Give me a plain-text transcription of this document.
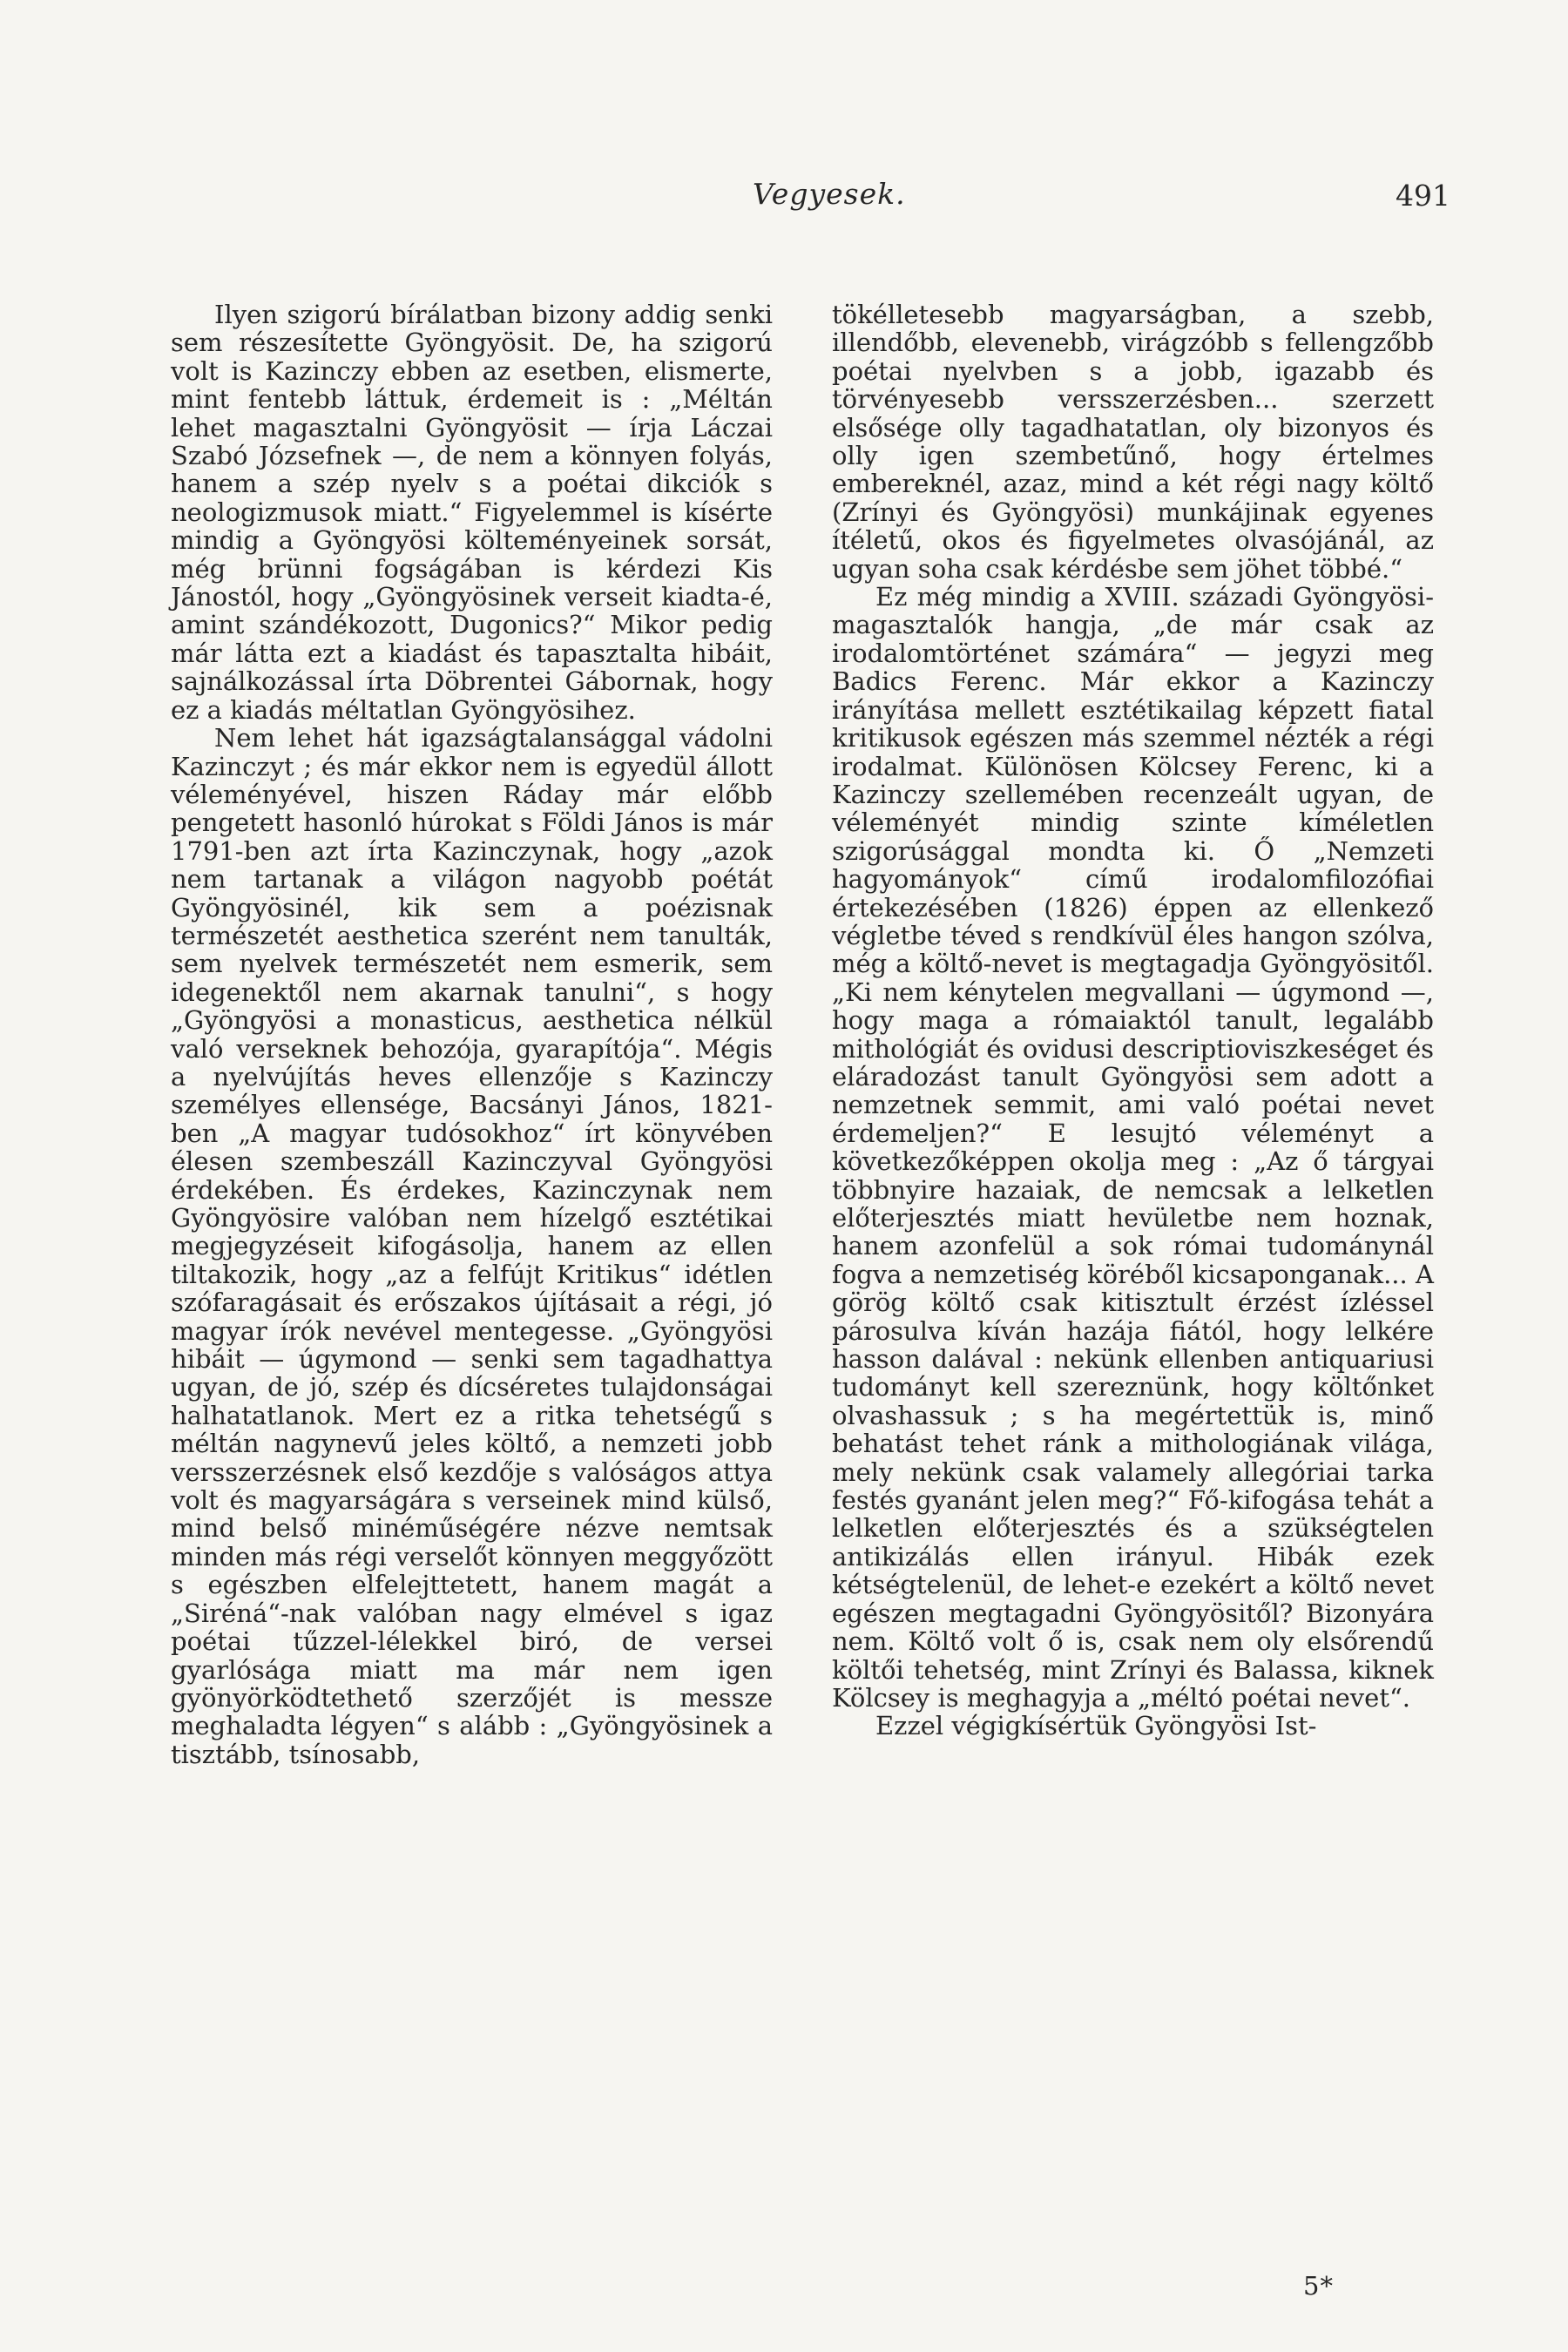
Vegyesek.	491

Ilyen szigorú bírálatban bizony addig senki sem részesítette Gyöngyösit. De, ha szigorú volt is Kazinczy ebben az esetben, elismerte, mint fentebb láttuk, érdemeit is : „Méltán lehet magasztalni Gyöngyösit — írja Láczai Szabó Józsefnek —, de nem a könnyen folyás, hanem a szép nyelv s a poétai dikciók s neologizmusok miatt.“ Figyelemmel is kísérte mindig a Gyöngyösi költeményeinek sorsát, még brünni fogságában is kérdezi Kis Jánostól, hogy „Gyöngyösinek verseit kiadta-é, amint szándékozott, Dugonics?“ Mikor pedig már látta ezt a kiadást és tapasztalta hibáit, sajnálkozással írta Döbrentei Gábornak, hogy ez a kiadás méltatlan Gyöngyösihez.

Nem lehet hát igazságtalansággal vádolni Kazinczyt ; és már ekkor nem is egyedül állott véleményével, hiszen Ráday már előbb pengetett hasonló húrokat s Földi János is már 1791-ben azt írta Kazinczynak, hogy „azok nem tartanak a világon nagyobb poétát Gyöngyösinél, kik sem a poézisnak természetét aesthetica szerént nem tanulták, sem nyelvek természetét nem esmerik, sem idegenektől nem akarnak tanulni“, s hogy „Gyöngyösi a monasticus, aesthetica nélkül való verseknek behozója, gyarapítója“. Mégis a nyelvújítás heves ellenzője s Kazinczy személyes ellensége, Bacsányi János, 1821-ben „A magyar tudósokhoz“ írt könyvében élesen szembeszáll Kazinczyval Gyöngyösi érdekében. És érdekes, Kazinczynak nem Gyöngyösire valóban nem hízelgő esztétikai megjegyzéseit kifogásolja, hanem az ellen tiltakozik, hogy „az a felfújt Kritikus“ idétlen szófaragásait és erőszakos újításait a régi, jó magyar írók nevével mentegesse. „Gyöngyösi hibáit — úgymond — senki sem tagadhattya ugyan, de jó, szép és dícséretes tulajdonságai halhatatlanok. Mert ez a ritka tehetségű s méltán nagynevű jeles költő, a nemzeti jobb versszerzésnek első kezdője s valóságos attya volt és magyarságára s verseinek mind külső, mind belső minéműségére nézve nemtsak minden más régi verselőt könnyen meggyőzött s egészben elfelejttetett, hanem magát a „Siréná“-nak valóban nagy elmével s igaz poétai tűzzel-lélekkel biró, de versei gyarlósága miatt ma már nem igen gyönyörködtethető szerzőjét is messze meghaladta légyen“ s alább : „Gyöngyösinek a tisztább, tsínosabb,

tökélletesebb magyarságban, a szebb, illendőbb, elevenebb, virágzóbb s fellengzőbb poétai nyelvben s a jobb, igazabb és törvényesebb versszerzésben... szerzett elsősége olly tagadhatatlan, oly bizonyos és olly igen szembetűnő, hogy értelmes embereknél, azaz, mind a két régi nagy költő (Zrínyi és Gyöngyösi) munkájinak egyenes ítéletű, okos és figyelmetes olvasójánál, az ugyan soha csak kérdésbe sem jöhet többé.“

Ez még mindig a XVIII. századi Gyöngyösi-magasztalók hangja, „de már csak az irodalomtörténet számára“ — jegyzi meg Badics Ferenc. Már ekkor a Kazinczy irányítása mellett esztétikailag képzett fiatal kritikusok egészen más szemmel nézték a régi irodalmat. Különösen Kölcsey Ferenc, ki a Kazinczy szellemében recenzeált ugyan, de véleményét mindig szinte kíméletlen szigorúsággal mondta ki. Ő „Nemzeti hagyományok“ című irodalomfilozófiai értekezésében (1826) éppen az ellenkező végletbe téved s rendkívül éles hangon szólva, még a költő-nevet is megtagadja Gyöngyösitől. „Ki nem kénytelen megvallani — úgymond —, hogy maga a rómaiaktól tanult, legalább mithológiát és ovidusi descriptioviszkeséget és eláradozást tanult Gyöngyösi sem adott a nemzetnek semmit, ami való poétai nevet érdemeljen?“ E lesujtó véleményt a következőképpen okolja meg : „Az ő tárgyai többnyire hazaiak, de nemcsak a lelketlen előterjesztés miatt hevületbe nem hoznak, hanem azonfelül a sok római tudománynál fogva a nemzetiség köréből kicsaponganak... A görög költő csak kitisztult érzést ízléssel párosulva kíván hazája fiától, hogy lelkére hasson dalával : nekünk ellenben antiquariusi tudományt kell szereznünk, hogy költőnket olvashassuk ; s ha megértettük is, minő behatást tehet ránk a mithologiának világa, mely nekünk csak valamely allegóriai tarka festés gyanánt jelen meg?“ Fő-kifogása tehát a lelketlen előterjesztés és a szükségtelen antikizálás ellen irányul. Hibák ezek kétségtelenül, de lehet-e ezekért a költő nevet egészen megtagadni Gyöngyösitől? Bizonyára nem. Költő volt ő is, csak nem oly elsőrendű költői tehetség, mint Zrínyi és Balassa, kiknek Kölcsey is meghagyja a „méltó poétai nevet“.

Ezzel végigkísértük Gyöngyösi Ist-

5*
